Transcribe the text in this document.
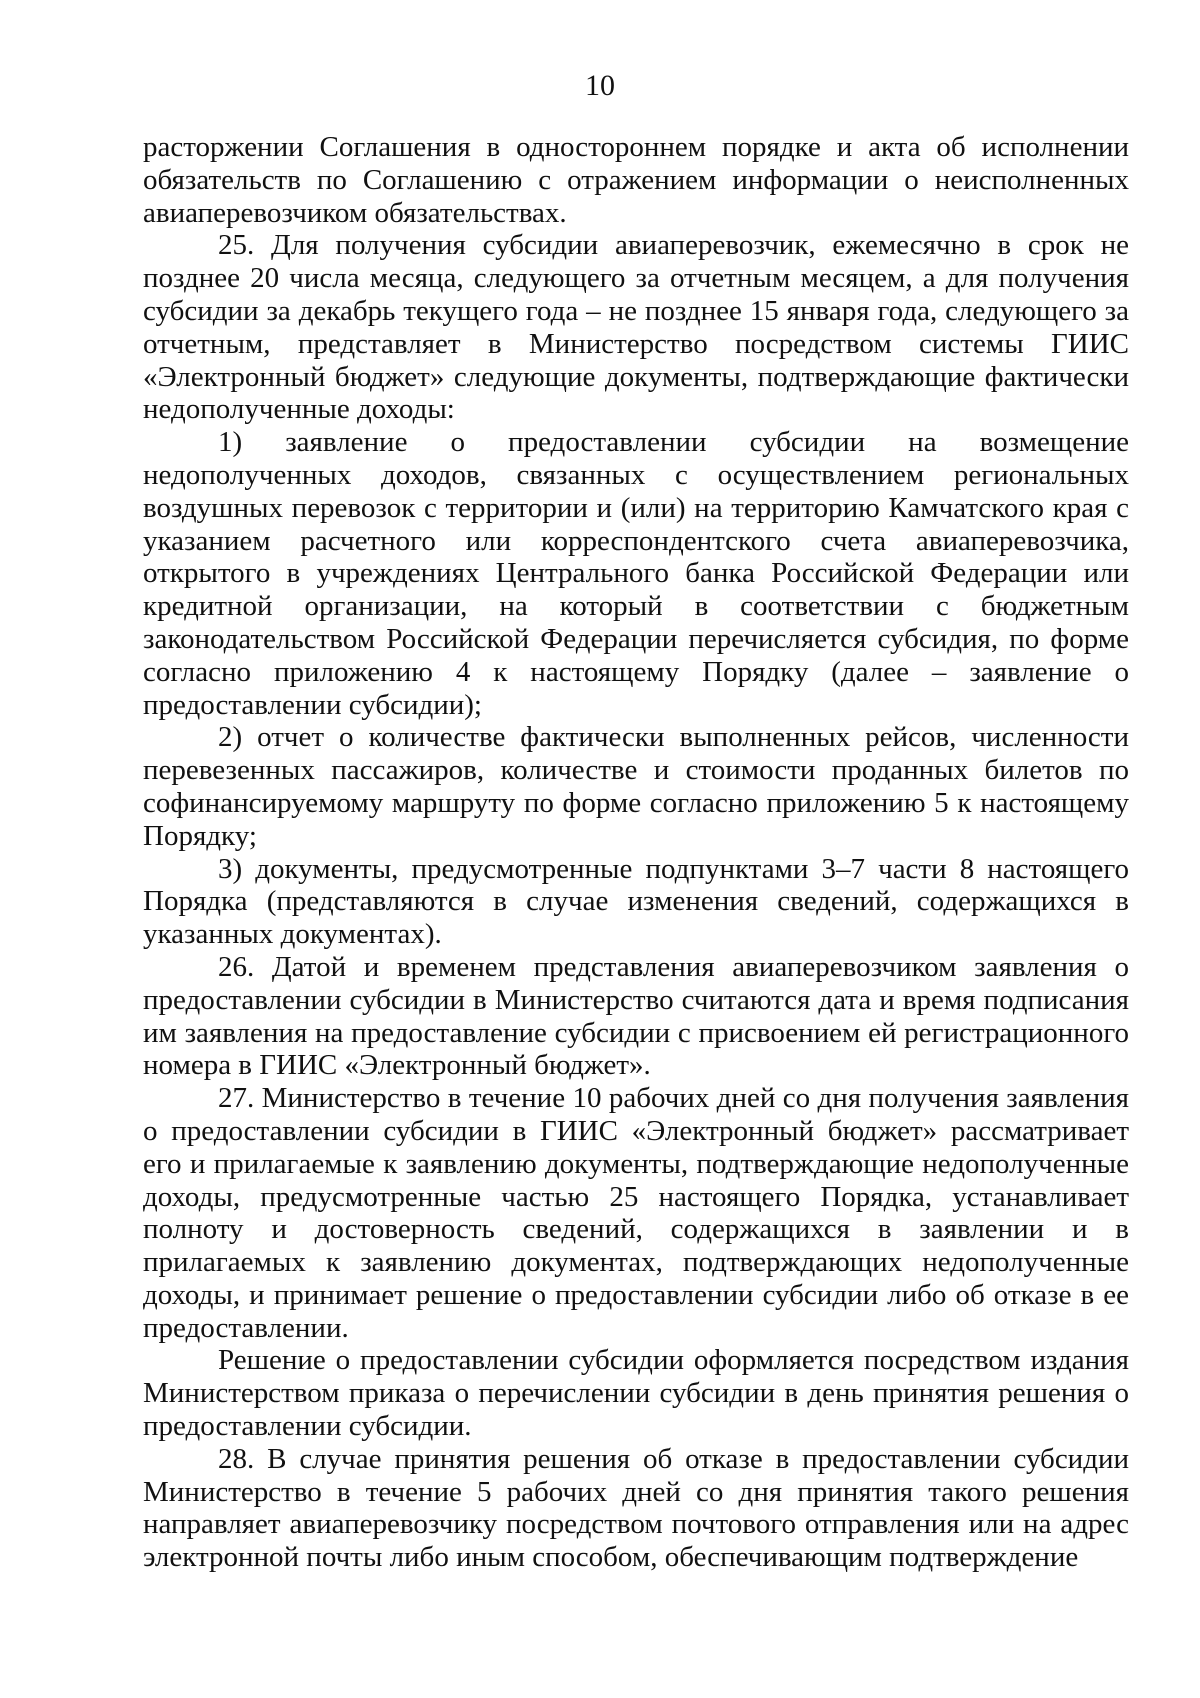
10

расторжении Соглашения в одностороннем порядке и акта об исполнении обязательств по Соглашению с отражением информации о неисполненных авиаперевозчиком обязательствах.

25. Для получения субсидии авиаперевозчик, ежемесячно в срок не позднее 20 числа месяца, следующего за отчетным месяцем, а для получения субсидии за декабрь текущего года – не позднее 15 января года, следующего за отчетным, представляет в Министерство посредством системы ГИИС «Электронный бюджет» следующие документы, подтверждающие фактически недополученные доходы:

1) заявление о предоставлении субсидии на возмещение недополученных доходов, связанных с осуществлением региональных воздушных перевозок с территории и (или) на территорию Камчатского края с указанием расчетного или корреспондентского счета авиаперевозчика, открытого в учреждениях Центрального банка Российской Федерации или кредитной организации, на который в соответствии с бюджетным законодательством Российской Федерации перечисляется субсидия, по форме согласно приложению 4 к настоящему Порядку (далее – заявление о предоставлении субсидии);

2) отчет о количестве фактически выполненных рейсов, численности перевезенных пассажиров, количестве и стоимости проданных билетов по софинансируемому маршруту по форме согласно приложению 5 к настоящему Порядку;

3) документы, предусмотренные подпунктами 3–7 части 8 настоящего Порядка (представляются в случае изменения сведений, содержащихся в указанных документах).

26. Датой и временем представления авиаперевозчиком заявления о предоставлении субсидии в Министерство считаются дата и время подписания им заявления на предоставление субсидии с присвоением ей регистрационного номера в ГИИС «Электронный бюджет».

27. Министерство в течение 10 рабочих дней со дня получения заявления о предоставлении субсидии в ГИИС «Электронный бюджет» рассматривает его и прилагаемые к заявлению документы, подтверждающие недополученные доходы, предусмотренные частью 25 настоящего Порядка, устанавливает полноту и достоверность сведений, содержащихся в заявлении и в прилагаемых к заявлению документах, подтверждающих недополученные доходы, и принимает решение о предоставлении субсидии либо об отказе в ее предоставлении.

Решение о предоставлении субсидии оформляется посредством издания Министерством приказа о перечислении субсидии в день принятия решения о предоставлении субсидии.

28. В случае принятия решения об отказе в предоставлении субсидии Министерство в течение 5 рабочих дней со дня принятия такого решения направляет авиаперевозчику посредством почтового отправления или на адрес электронной почты либо иным способом, обеспечивающим подтверждение
